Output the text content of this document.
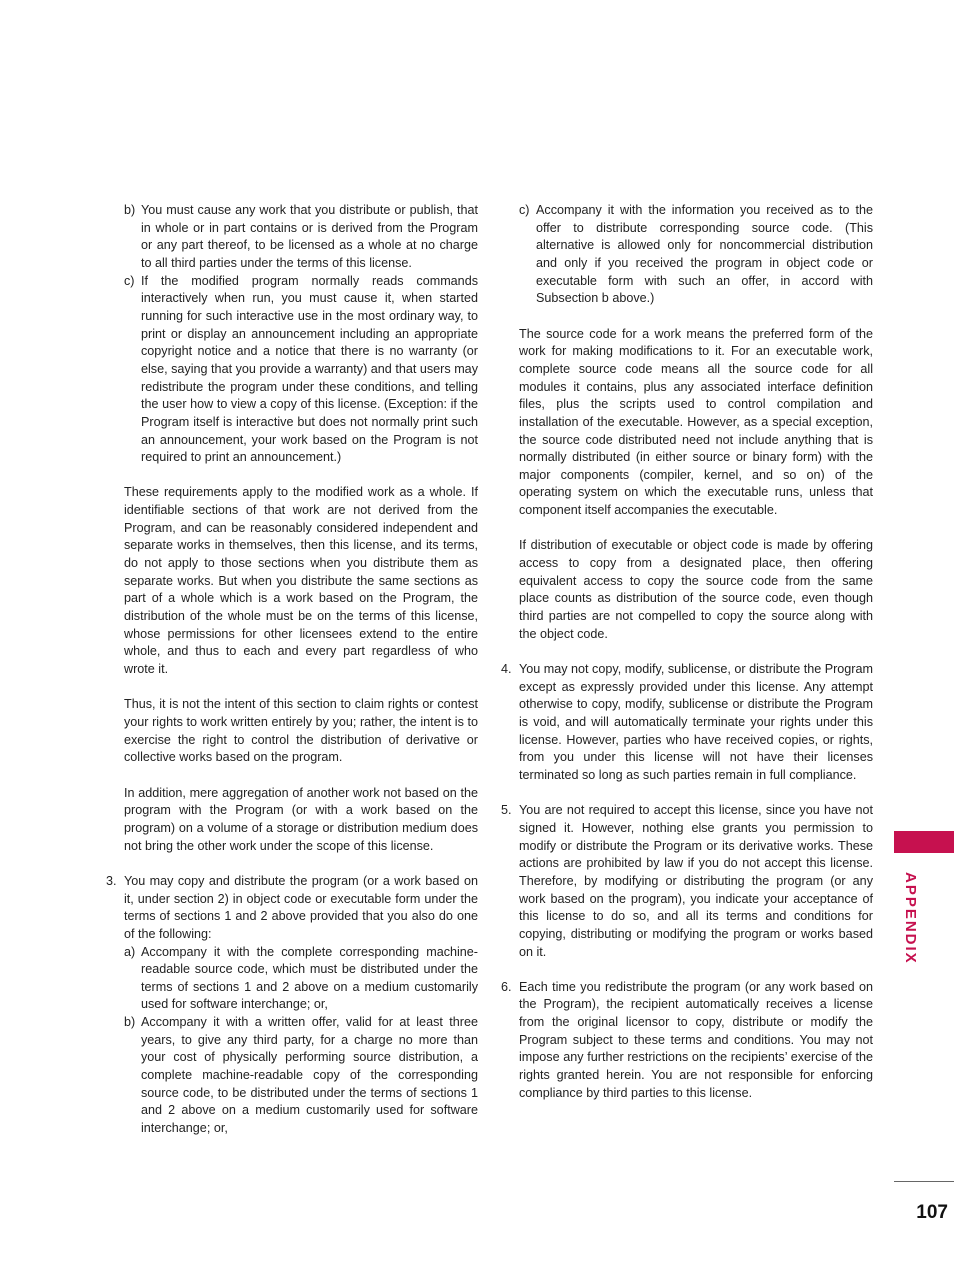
b) You must cause any work that you distribute or publish, that in whole or in part contains or is derived from the Program or any part thereof, to be licensed as a whole at no charge to all third parties under the terms of this license.

c) If the modified program normally reads commands interactively when run, you must cause it, when started running for such interactive use in the most ordinary way, to print or display an announcement including an appropriate copyright notice and a notice that there is no warranty (or else, saying that you provide a warranty) and that users may redistribute the program under these conditions, and telling the user how to view a copy of this license. (Exception: if the Program itself is interactive but does not normally print such an announcement, your work based on the Program is not required to print an announcement.)

These requirements apply to the modified work as a whole. If identifiable sections of that work are not derived from the Program, and can be reasonably considered independent and separate works in themselves, then this license, and its terms, do not apply to those sections when you distribute them as separate works. But when you distribute the same sections as part of a whole which is a work based on the Program, the distribution of the whole must be on the terms of this license, whose permissions for other licensees extend to the entire whole, and thus to each and every part regardless of who wrote it.

Thus, it is not the intent of this section to claim rights or contest your rights to work written entirely by you; rather, the intent is to exercise the right to control the distribution of derivative or collective works based on the program.

In addition, mere aggregation of another work not based on the program with the Program (or with a work based on the program) on a volume of a storage or distribution medium does not bring the other work under the scope of this license.

3. You may copy and distribute the program (or a work based on it, under section 2) in object code or executable form under the terms of sections 1 and 2 above provided that you also do one of the following:

a) Accompany it with the complete corresponding machine-readable source code, which must be distributed under the terms of sections 1 and 2 above on a medium customarily used for software interchange; or,

b) Accompany it with a written offer, valid for at least three years, to give any third party, for a charge no more than your cost of physically performing source distribution, a complete machine-readable copy of the corresponding source code, to be distributed under the terms of sections 1 and 2 above on a medium customarily used for software interchange; or,

c) Accompany it with the information you received as to the offer to distribute corresponding source code. (This alternative is allowed only for noncommercial distribution and only if you received the program in object code or executable form with such an offer, in accord with Subsection b above.)

The source code for a work means the preferred form of the work for making modifications to it. For an executable work, complete source code means all the source code for all modules it contains, plus any associated interface definition files, plus the scripts used to control compilation and installation of the executable. However, as a special exception, the source code distributed need not include anything that is normally distributed (in either source or binary form) with the major components (compiler, kernel, and so on) of the operating system on which the executable runs, unless that component itself accompanies the executable.

If distribution of executable or object code is made by offering access to copy from a designated place, then offering equivalent access to copy the source code from the same place counts as distribution of the source code, even though third parties are not compelled to copy the source along with the object code.

4. You may not copy, modify, sublicense, or distribute the Program except as expressly provided under this license. Any attempt otherwise to copy, modify, sublicense or distribute the Program is void, and will automatically terminate your rights under this license. However, parties who have received copies, or rights, from you under this license will not have their licenses terminated so long as such parties remain in full compliance.

5. You are not required to accept this license, since you have not signed it. However, nothing else grants you permission to modify or distribute the Program or its derivative works. These actions are prohibited by law if you do not accept this license. Therefore, by modifying or distributing the program (or any work based on the program), you indicate your acceptance of this license to do so, and all its terms and conditions for copying, distributing or modifying the program or works based on it.

6. Each time you redistribute the program (or any work based on the Program), the recipient automatically receives a license from the original licensor to copy, distribute or modify the Program subject to these terms and conditions. You may not impose any further restrictions on the recipients’ exercise of the rights granted herein. You are not responsible for enforcing compliance by third parties to this license.

APPENDIX
107
